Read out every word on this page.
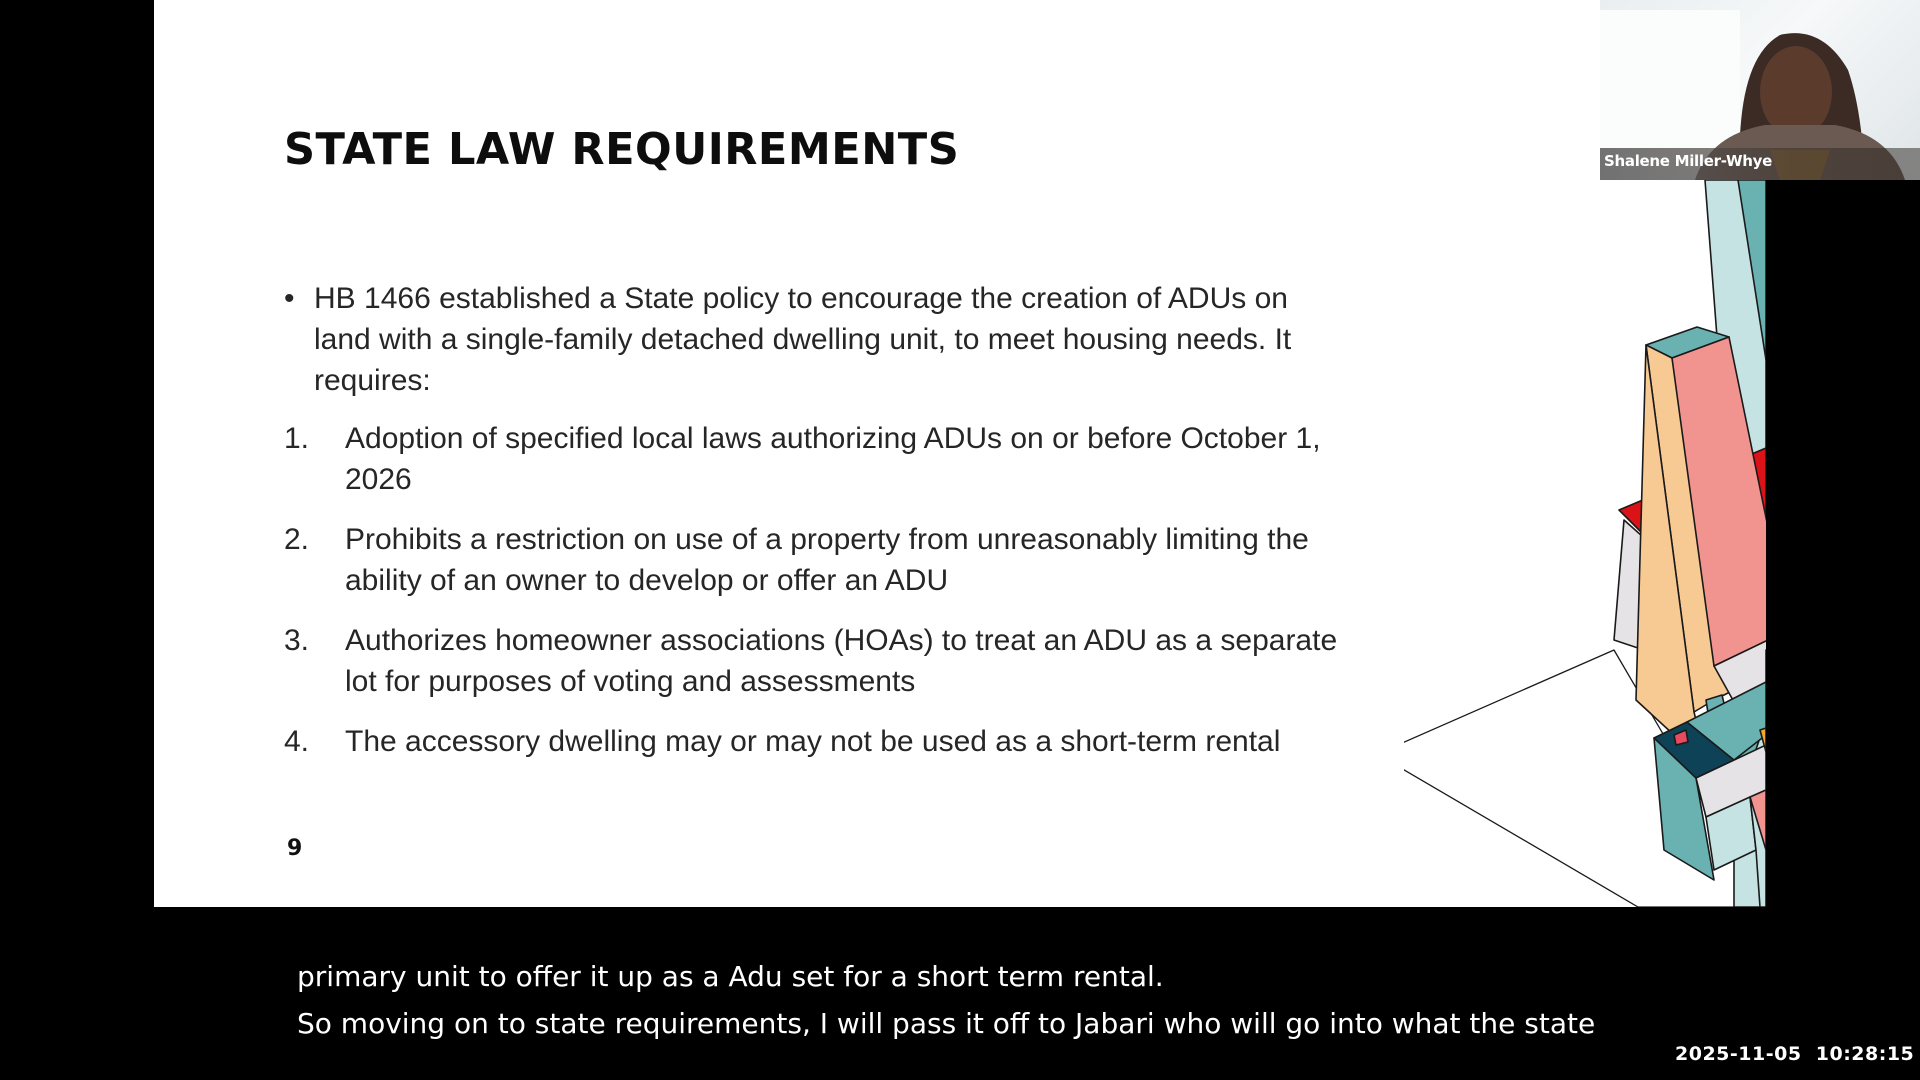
STATE LAW REQUIREMENTS
• HB 1466 established a State policy to encourage the creation of ADUs on land with a single-family detached dwelling unit, to meet housing needs. It requires:
1.	Adoption of specified local laws authorizing ADUs on or before October 1, 2026
2.	Prohibits a restriction on use of a property from unreasonably limiting the ability of an owner to develop or offer an ADU
3.	Authorizes homeowner associations (HOAs) to treat an ADU as a separate lot for purposes of voting and assessments
4.	The accessory dwelling may or may not be used as a short-term rental
9
Shalene Miller-Whye
primary unit to offer it up as a Adu set for a short term rental.
So moving on to state requirements, I will pass it off to Jabari who will go into what the state
2025-11-05  10:28:15
